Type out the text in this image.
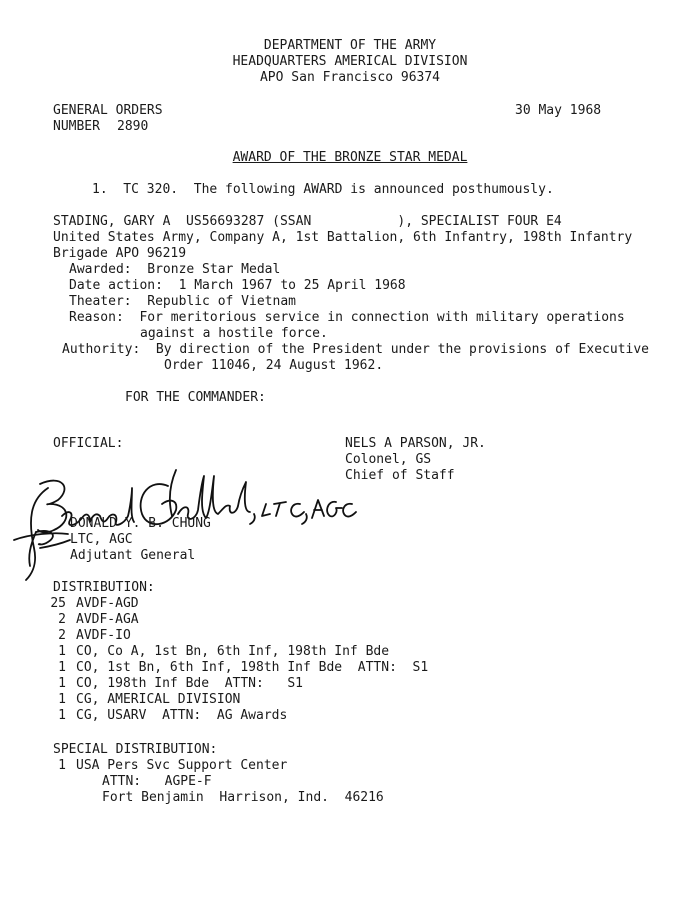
DEPARTMENT OF THE ARMY
HEADQUARTERS AMERICAL DIVISION
APO San Francisco 96374
GENERAL ORDERS
NUMBER 2890
30 May 1968
AWARD OF THE BRONZE STAR MEDAL
1.  TC 320.  The following AWARD is announced posthumously.
STADING, GARY A  US56693287 (SSAN           ), SPECIALIST FOUR E4
United States Army, Company A, 1st Battalion, 6th Infantry, 198th Infantry
Brigade APO 96219
Awarded:  Bronze Star Medal
Date action:  1 March 1967 to 25 April 1968
Theater:  Republic of Vietnam
Reason:  For meritorious service in connection with military operations
against a hostile force.
Authority:  By direction of the President under the provisions of Executive
Order 11046, 24 August 1962.
FOR THE COMMANDER:
OFFICIAL:	NELS A PARSON, JR.
Colonel, GS
Chief of Staff
DONALD Y. B. CHUNG
LTC, AGC
Adjutant General
DISTRIBUTION:
25 AVDF-AGD
2 AVDF-AGA
2 AVDF-IO
1 CO, Co A, 1st Bn, 6th Inf, 198th Inf Bde
1 CO, 1st Bn, 6th Inf, 198th Inf Bde  ATTN:  S1
1 CO, 198th Inf Bde  ATTN:   S1
1 CG, AMERICAL DIVISION
1 CG, USARV  ATTN:  AG Awards
SPECIAL DISTRIBUTION:
1 USA Pers Svc Support Center
ATTN:   AGPE-F
Fort Benjamin  Harrison, Ind.  46216
